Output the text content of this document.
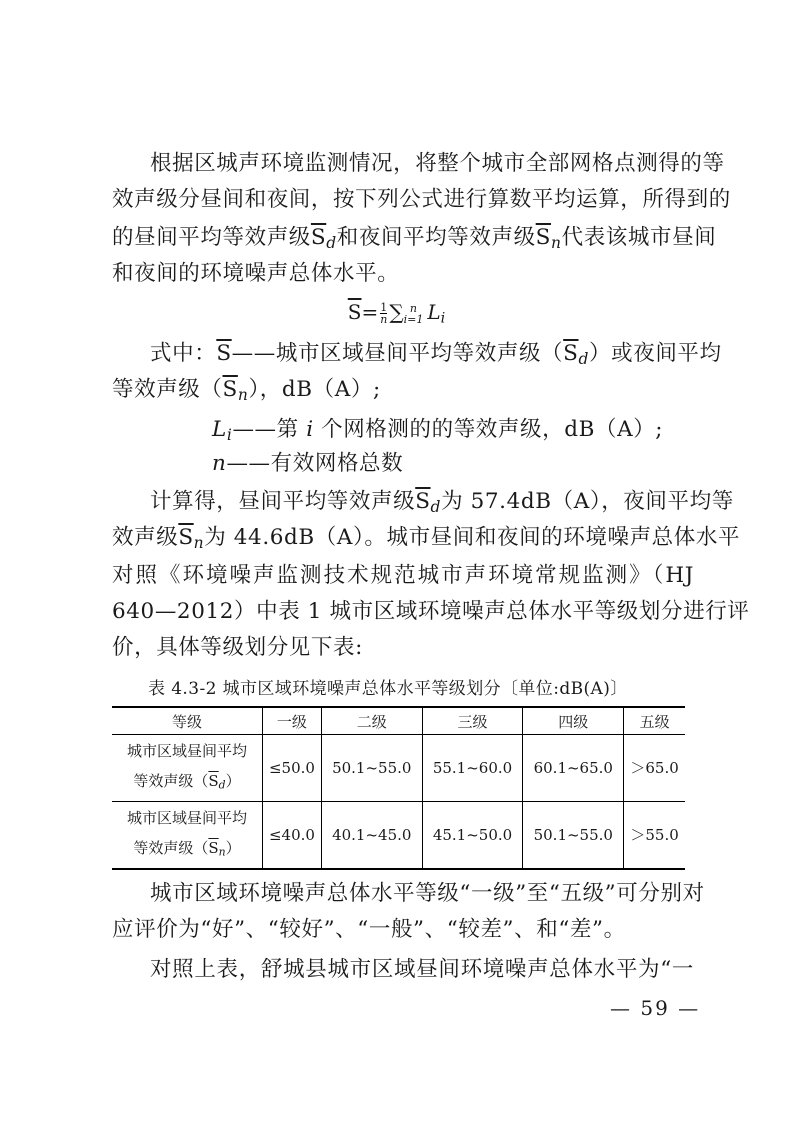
根据区城声环境监测情况，将整个城市全部网格点测得的等
效声级分昼间和夜间，按下列公式进行算数平均运算，所得到的
的昼间平均等效声级$\overline{S}_d$和夜间平均等效声级$\overline{S}_n$代表该城市昼间
和夜间的环境噪声总体水平。
$\overline{S}= \frac{1}{n}$ ∑ n
i=1 $L_i$
式中：$\overline{S}——$城市区域昼间平均等效声级$(\overline{S}_d)$或夜间平均
等效声级$(\overline{S}_n)$，dB（A）;
$L_i——$第 i 个网格测的的等效声级，dB（A）;
n——有效网格总数
计算得，昼间平均等效声级$\overline{S}_d$为 57.4dB（A），夜间平均等
效声级$\overline{S}_n$为 44.6dB（A）。城市昼间和夜间的环境噪声总体水平
对照《环境噪声监测技术规范城市声环境常规监测》（HJ
640—2012）中表 1 城市区域环境噪声总体水平等级划分进行评
价，具体等级划分见下表:
表 4.3-2 城市区域环境噪声总体水平等级划分〔单位:dB(A)〕
等级	一级	二级	三级	四级	五级

城市区域昼间平均
等效声级$(\overline{S}_d)$	≤50.0	50.1~55.0	55.1~60.0	60.1~65.0	＞65.0

城市区域昼间平均
等效声级$(\overline{S}_n)$	≤40.0	40.1~45.0	45.1~50.0	50.1~55.0	＞55.0
城市区域环境噪声总体水平等级“一级”至“五级”可分别对
应评价为“好”、“较好”、“一般”、“较差”、和“差”。
对照上表，舒城县城市区域昼间环境噪声总体水平为“一
— 59 —
